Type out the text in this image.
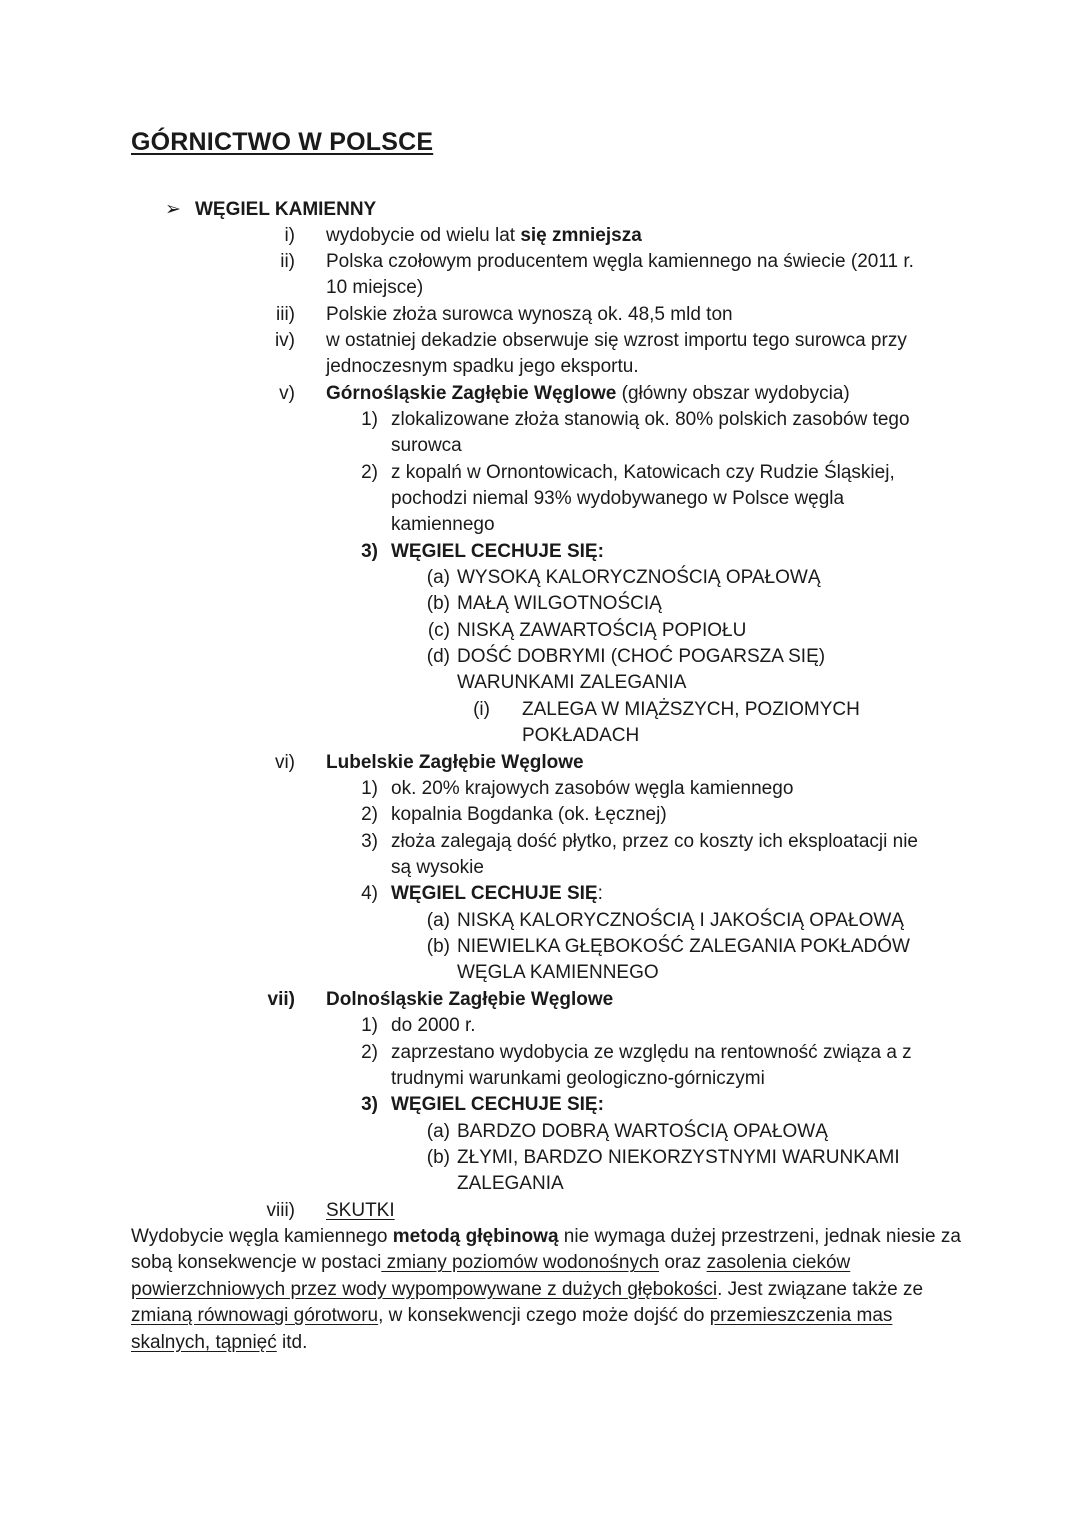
GÓRNICTWO W POLSCE
➢ WĘGIEL KAMIENNY
i) wydobycie od wielu lat się zmniejsza
ii) Polska czołowym producentem węgla kamiennego na świecie (2011 r.
10 miejsce)
iii) Polskie złoża surowca wynoszą ok. 48,5 mld ton
iv) w ostatniej dekadzie obserwuje się wzrost importu tego surowca przy
jednoczesnym spadku jego eksportu.
v) Górnośląskie Zagłębie Węglowe (główny obszar wydobycia)
1) zlokalizowane złoża stanowią ok. 80% polskich zasobów tego
surowca
2) z kopalń w Ornontowicach, Katowicach czy Rudzie Śląskiej,
pochodzi niemal 93% wydobywanego w Polsce węgla
kamiennego
3) WĘGIEL CECHUJE SIĘ:
(a) WYSOKĄ KALORYCZNOŚCIĄ OPAŁOWĄ
(b) MAŁĄ WILGOTNOŚCIĄ
(c) NISKĄ ZAWARTOŚCIĄ POPIOŁU
(d) DOŚĆ DOBRYMI (CHOĆ POGARSZA SIĘ)
WARUNKAMI ZALEGANIA
(i) ZALEGA W MIĄŻSZYCH, POZIOMYCH
POKŁADACH
vi) Lubelskie Zagłębie Węglowe
1) ok. 20% krajowych zasobów węgla kamiennego
2) kopalnia Bogdanka (ok. Łęcznej)
3) złoża zalegają dość płytko, przez co koszty ich eksploatacji nie
są wysokie
4) WĘGIEL CECHUJE SIĘ:
(a) NISKĄ KALORYCZNOŚCIĄ I JAKOŚCIĄ OPAŁOWĄ
(b) NIEWIELKA GŁĘBOKOŚĆ ZALEGANIA POKŁADÓW
WĘGLA KAMIENNEGO
vii) Dolnośląskie Zagłębie Węglowe
1) do 2000 r.
2) zaprzestano wydobycia ze względu na rentowność związa a z
trudnymi warunkami geologiczno-górniczymi
3) WĘGIEL CECHUJE SIĘ:
(a) BARDZO DOBRĄ WARTOŚCIĄ OPAŁOWĄ
(b) ZŁYMI, BARDZO NIEKORZYSTNYMI WARUNKAMI
ZALEGANIA
viii) SKUTKI
Wydobycie węgla kamiennego metodą głębinową nie wymaga dużej przestrzeni, jednak niesie za sobą konsekwencje w postaci zmiany poziomów wodonośnych oraz zasolenia cieków powierzchniowych przez wody wypompowywane z dużych głębokości. Jest związane także ze zmianą równowagi górotworu, w konsekwencji czego może dojść do przemieszczenia mas skalnych, tąpnięć itd.
